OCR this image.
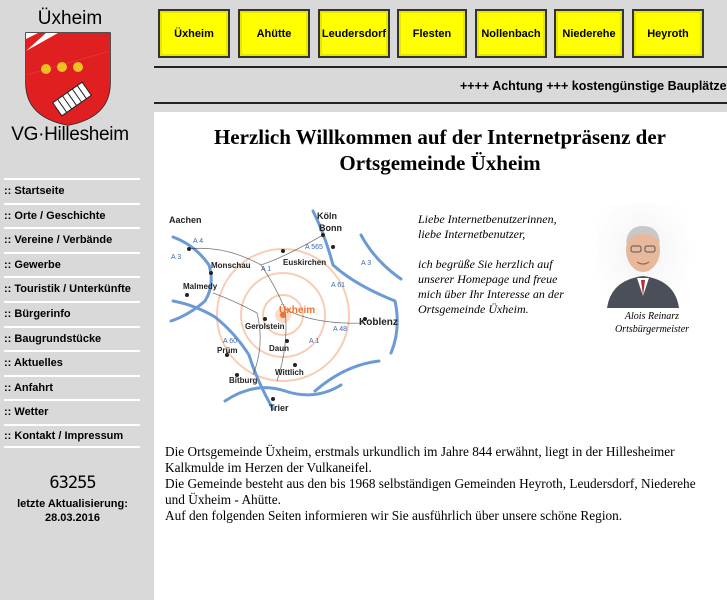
Üxheim
VG·Hillesheim
Üxheim	Ahütte	Leudersdorf	Flesten	Nollenbach	Niederehe	Heyroth
++++ Achtung +++ kostengünstige Bauplätze
:: Startseite
:: Orte / Geschichte
:: Vereine / Verbände
:: Gewerbe
:: Touristik / Unterkünfte
:: Bürgerinfo
:: Baugrundstücke
:: Aktuelles
:: Anfahrt
:: Wetter
:: Kontakt / Impressum
63255
letzte Aktualisierung:
28.03.2016
Herzlich Willkommen auf der Internetpräsenz der
Ortsgemeinde Üxheim
Aachen	Köln
Bonn
Monschau	Euskirchen
Malmedy
Üxheim
Gerolstein	Koblenz
Prüm	Daun
Bitburg
Wittlich
Trier
A 4
A 3
A 1
A 565
A 61
A 3
A 48
A 60	A 1
Liebe Internetbenutzerinnen,
liebe Internetbenutzer,
ich begrüße Sie herzlich auf
unserer Homepage und freue
mich über Ihr Interesse an der
Ortsgemeinde Üxheim.
Alois Reinarz
Ortsbürgermeister
Die Ortsgemeinde Üxheim, erstmals urkundlich im Jahre 844 erwähnt, liegt in der Hillesheimer Kalkmulde im Herzen der Vulkaneifel.
Die Gemeinde besteht aus den bis 1968 selbständigen Gemeinden Heyroth, Leudersdorf, Niederehe und Üxheim - Ahütte.
Auf den folgenden Seiten informieren wir Sie ausführlich über unsere schöne Region.
